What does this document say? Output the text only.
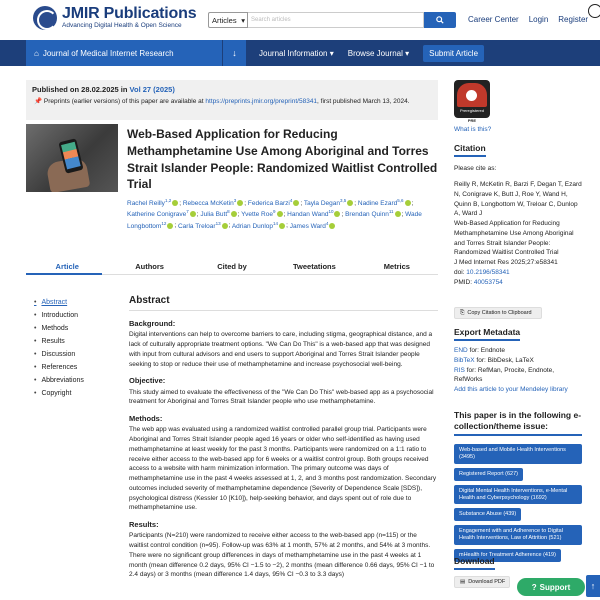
JMIR Publications
Advancing Digital Health & Open Science
Articles ▾	Search articles	Career Center Login Register
⌂ Journal of Medical Internet Research	↓	Journal Information ▾ Browse Journal ▾	Submit Article
Published on 28.02.2025 in Vol 27 (2025)
📌 Preprints (earlier versions) of this paper are available at https://preprints.jmir.org/preprint/58341, first published March 13, 2024.
Web-Based Application for Reducing Methamphetamine Use Among Aboriginal and Torres Strait Islander People: Randomized Waitlist Controlled Trial
Rachel Reilly$^{1,2}$ ; Rebecca McKetin$^3$ ; Federica Barzi$^4$ ; Tayla Degan$^{3,5}$ ; Nadine Ezard$^{5,6}$ ; Katherine Conigrave$^7$ ; Julia Butt$^8$ ; Yvette Roe$^9$ ; Handan Wand$^{10}$ ; Brendan Quinn$^{11}$ ; Wade Longbottom$^{12}$ ; Carla Treloar$^{13}$ ; Adrian Dunlop$^{14}$ ; James Ward$^4$
Article	Authors	Cited by	Tweetations	Metrics
• Abstract
• Introduction
• Methods
• Results
• Discussion
• References
• Abbreviations
• Copyright
Abstract
Background:

Digital interventions can help to overcome barriers to care, including stigma, geographical distance, and a lack of culturally appropriate treatment options. "We Can Do This" is a web-based app that was designed with input from cultural advisors and end users to support Aboriginal and Torres Strait Islander people seeking to stop or reduce their use of methamphetamine and increase psychosocial well-being.

Objective:

This study aimed to evaluate the effectiveness of the "We Can Do This" web-based app as a psychosocial treatment for Aboriginal and Torres Strait Islander people who use methamphetamine.

Methods:

The web app was evaluated using a randomized waitlist controlled parallel group trial. Participants were Aboriginal and Torres Strait Islander people aged 16 years or older who self-identified as having used methamphetamine at least weekly for the past 3 months. Participants were randomized on a 1:1 ratio to receive either access to the web-based app for 6 weeks or a waitlist control group. Both groups received access to a website with harm minimization information. The primary outcome was days of methamphetamine use in the past 4 weeks assessed at 1, 2, and 3 months post randomization. Secondary outcomes included severity of methamphetamine dependence (Severity of Dependence Scale [SDS]), psychological distress (Kessler 10 [K10]), help-seeking behavior, and days spent out of role due to methamphetamine use.

Results:

Participants (N=210) were randomized to receive either access to the web-based app (n=115) or the waitlist control condition (n=95). Follow-up was 63% at 1 month, 57% at 2 months, and 54% at 3 months. There were no significant group differences in days of methamphetamine use in the past 4 weeks at 1 month (mean difference 0.2 days, 95% CI −1.5 to −2), 2 months (mean difference 0.66 days, 95% CI −1 to 2.4 days) or 3 months (mean difference 1.4 days, 95% CI −0.3 to 3.3 days)

Preregistered
PRE
What is this?
Citation
Please cite as:
Reilly R, McKetin R, Barzi F, Degan T, Ezard N, Conigrave K, Butt J, Roe Y, Wand H, Quinn B, Longbottom W, Treloar C, Dunlop A, Ward J
Web-Based Application for Reducing Methamphetamine Use Among Aboriginal and Torres Strait Islander People: Randomized Waitlist Controlled Trial
J Med Internet Res 2025;27:e58341
doi: 10.2196/58341
PMID: 40053754
⎘ Copy Citation to Clipboard
Export Metadata
END for: Endnote
BibTeX for: BibDesk, LaTeX
RIS for: RefMan, Procite, Endnote, RefWorks
Add this article to your Mendeley library
This paper is in the following e-collection/theme issue:
Web-based and Mobile Health Interventions (3495)
Registered Report (627)
Digital Mental Health Interventions, e-Mental Health and Cyberpsychology (1692)
Substance Abuse (439)
Engagement with and Adherence to Digital Health Interventions, Law of Attrition (521)
mHealth for Treatment Adherence (419)
Download
▤ Download PDF
? Support ↑
